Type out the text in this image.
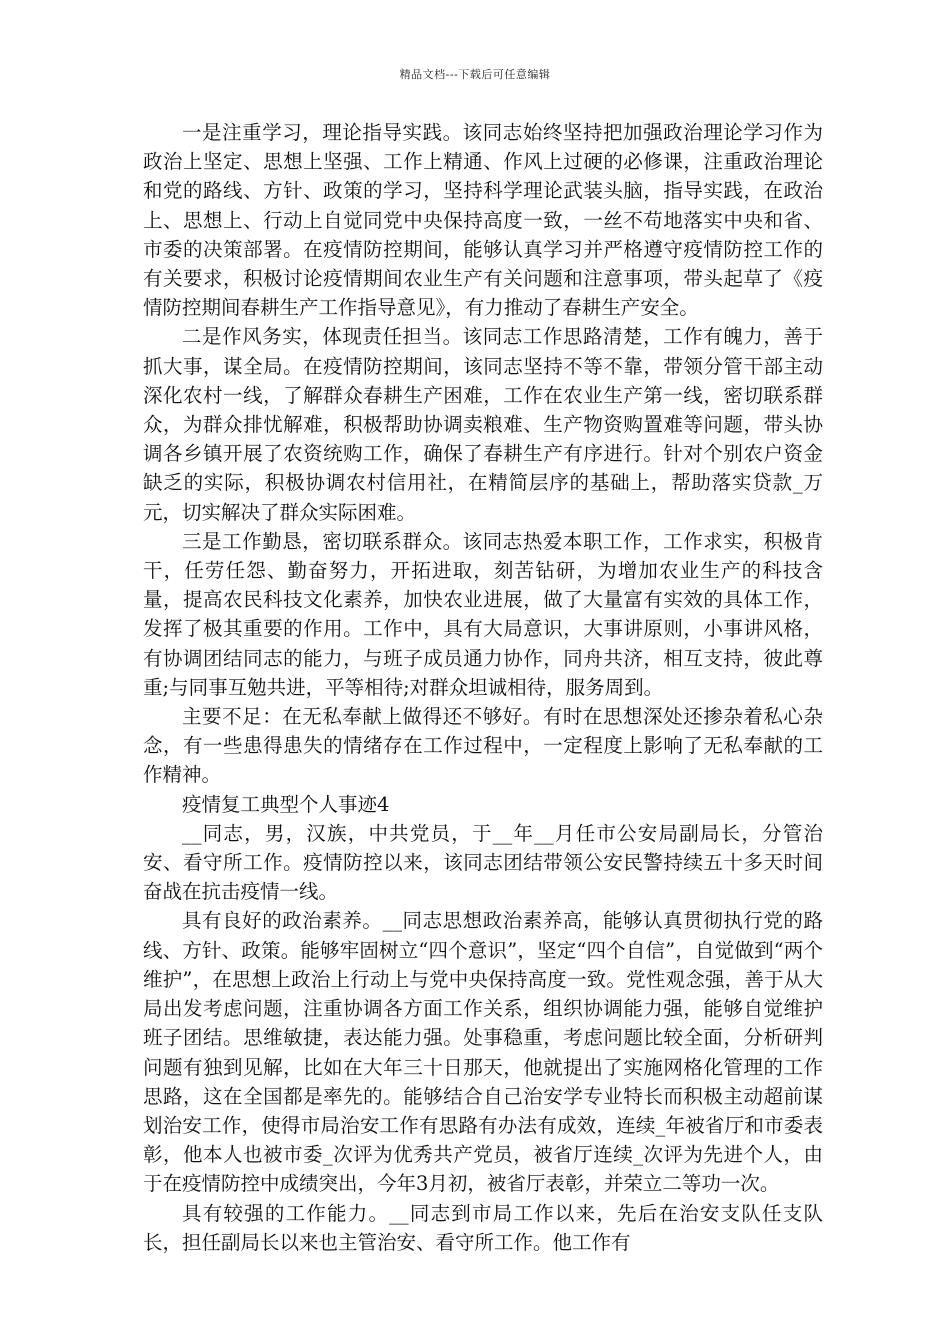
精品文档---下载后可任意编辑

一是注重学习，理论指导实践。该同志始终坚持把加强政治理论学习作为政治上坚定、思想上坚强、工作上精通、作风上过硬的必修课，注重政治理论和党的路线、方针、政策的学习，坚持科学理论武装头脑，指导实践，在政治上、思想上、行动上自觉同党中央保持高度一致，一丝不苟地落实中央和省、市委的决策部署。在疫情防控期间，能够认真学习并严格遵守疫情防控工作的有关要求，积极讨论疫情期间农业生产有关问题和注意事项，带头起草了《疫情防控期间春耕生产工作指导意见》，有力推动了春耕生产安全。

二是作风务实，体现责任担当。该同志工作思路清楚，工作有魄力，善于抓大事，谋全局。在疫情防控期间，该同志坚持不等不靠，带领分管干部主动深化农村一线，了解群众春耕生产困难，工作在农业生产第一线，密切联系群众，为群众排忧解难，积极帮助协调卖粮难、生产物资购置难等问题，带头协调各乡镇开展了农资统购工作，确保了春耕生产有序进行。针对个别农户资金缺乏的实际，积极协调农村信用社，在精简层序的基础上，帮助落实贷款_万元，切实解决了群众实际困难。

三是工作勤恳，密切联系群众。该同志热爱本职工作，工作求实，积极肯干，任劳任怨、勤奋努力，开拓进取，刻苦钻研，为增加农业生产的科技含量，提高农民科技文化素养，加快农业进展，做了大量富有实效的具体工作，发挥了极其重要的作用。工作中，具有大局意识，大事讲原则，小事讲风格，有协调团结同志的能力，与班子成员通力协作，同舟共济，相互支持，彼此尊重;与同事互勉共进，平等相待;对群众坦诚相待，服务周到。

主要不足：在无私奉献上做得还不够好。有时在思想深处还掺杂着私心杂念，有一些患得患失的情绪存在工作过程中，一定程度上影响了无私奉献的工作精神。

疫情复工典型个人事迹4

__同志，男，汉族，中共党员，于__年__月任市公安局副局长，分管治安、看守所工作。疫情防控以来，该同志团结带领公安民警持续五十多天时间奋战在抗击疫情一线。

具有良好的政治素养。__同志思想政治素养高，能够认真贯彻执行党的路线、方针、政策。能够牢固树立“四个意识”，坚定“四个自信”，自觉做到“两个维护”，在思想上政治上行动上与党中央保持高度一致。党性观念强，善于从大局出发考虑问题，注重协调各方面工作关系，组织协调能力强，能够自觉维护班子团结。思维敏捷，表达能力强。处事稳重，考虑问题比较全面，分析研判问题有独到见解，比如在大年三十日那天，他就提出了实施网格化管理的工作思路，这在全国都是率先的。能够结合自己治安学专业特长而积极主动超前谋划治安工作，使得市局治安工作有思路有办法有成效，连续_年被省厅和市委表彰，他本人也被市委_次评为优秀共产党员，被省厅连续_次评为先进个人，由于在疫情防控中成绩突出，今年3月初，被省厅表彰，并荣立二等功一次。

具有较强的工作能力。__同志到市局工作以来，先后在治安支队任支队长，担任副局长以来也主管治安、看守所工作。他工作有
